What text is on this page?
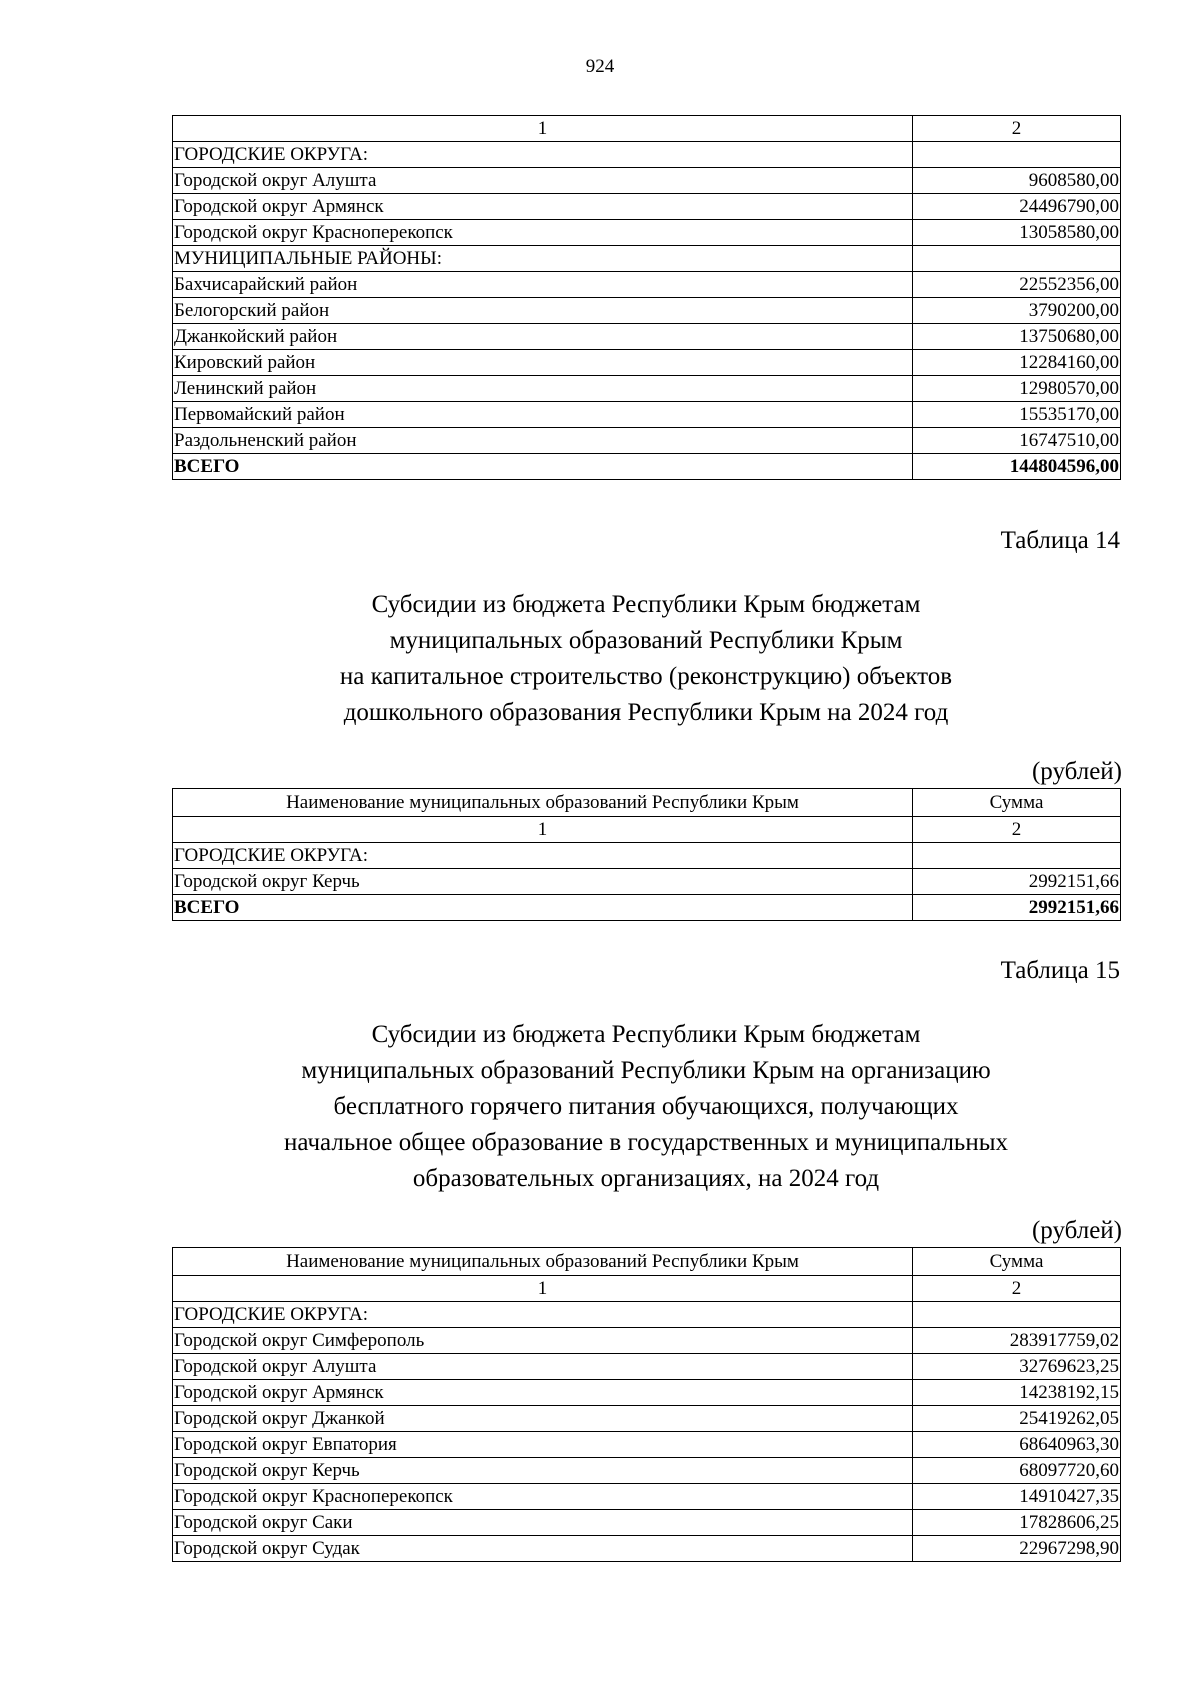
924
1	2
ГОРОДСКИЕ ОКРУГА:	
Городской округ Алушта	9608580,00
Городской округ Армянск	24496790,00
Городской округ Красноперекопск	13058580,00
МУНИЦИПАЛЬНЫЕ РАЙОНЫ:	
Бахчисарайский район	22552356,00
Белогорский район	3790200,00
Джанкойский район	13750680,00
Кировский район	12284160,00
Ленинский район	12980570,00
Первомайский район	15535170,00
Раздольненский район	16747510,00
ВСЕГО	144804596,00
Таблица 14
Субсидии из бюджета Республики Крым бюджетам
муниципальных образований Республики Крым
на капитальное строительство (реконструкцию) объектов
дошкольного образования Республики Крым на 2024 год
(рублей)
Наименование муниципальных образований Республики Крым	Сумма
1	2
ГОРОДСКИЕ ОКРУГА:	
Городской округ Керчь	2992151,66
ВСЕГО	2992151,66
Таблица 15
Субсидии из бюджета Республики Крым бюджетам
муниципальных образований Республики Крым на организацию
бесплатного горячего питания обучающихся, получающих
начальное общее образование в государственных и муниципальных
образовательных организациях, на 2024 год
(рублей)
Наименование муниципальных образований Республики Крым	Сумма
1	2
ГОРОДСКИЕ ОКРУГА:	
Городской округ Симферополь	283917759,02
Городской округ Алушта	32769623,25
Городской округ Армянск	14238192,15
Городской округ Джанкой	25419262,05
Городской округ Евпатория	68640963,30
Городской округ Керчь	68097720,60
Городской округ Красноперекопск	14910427,35
Городской округ Саки	17828606,25
Городской округ Судак	22967298,90
